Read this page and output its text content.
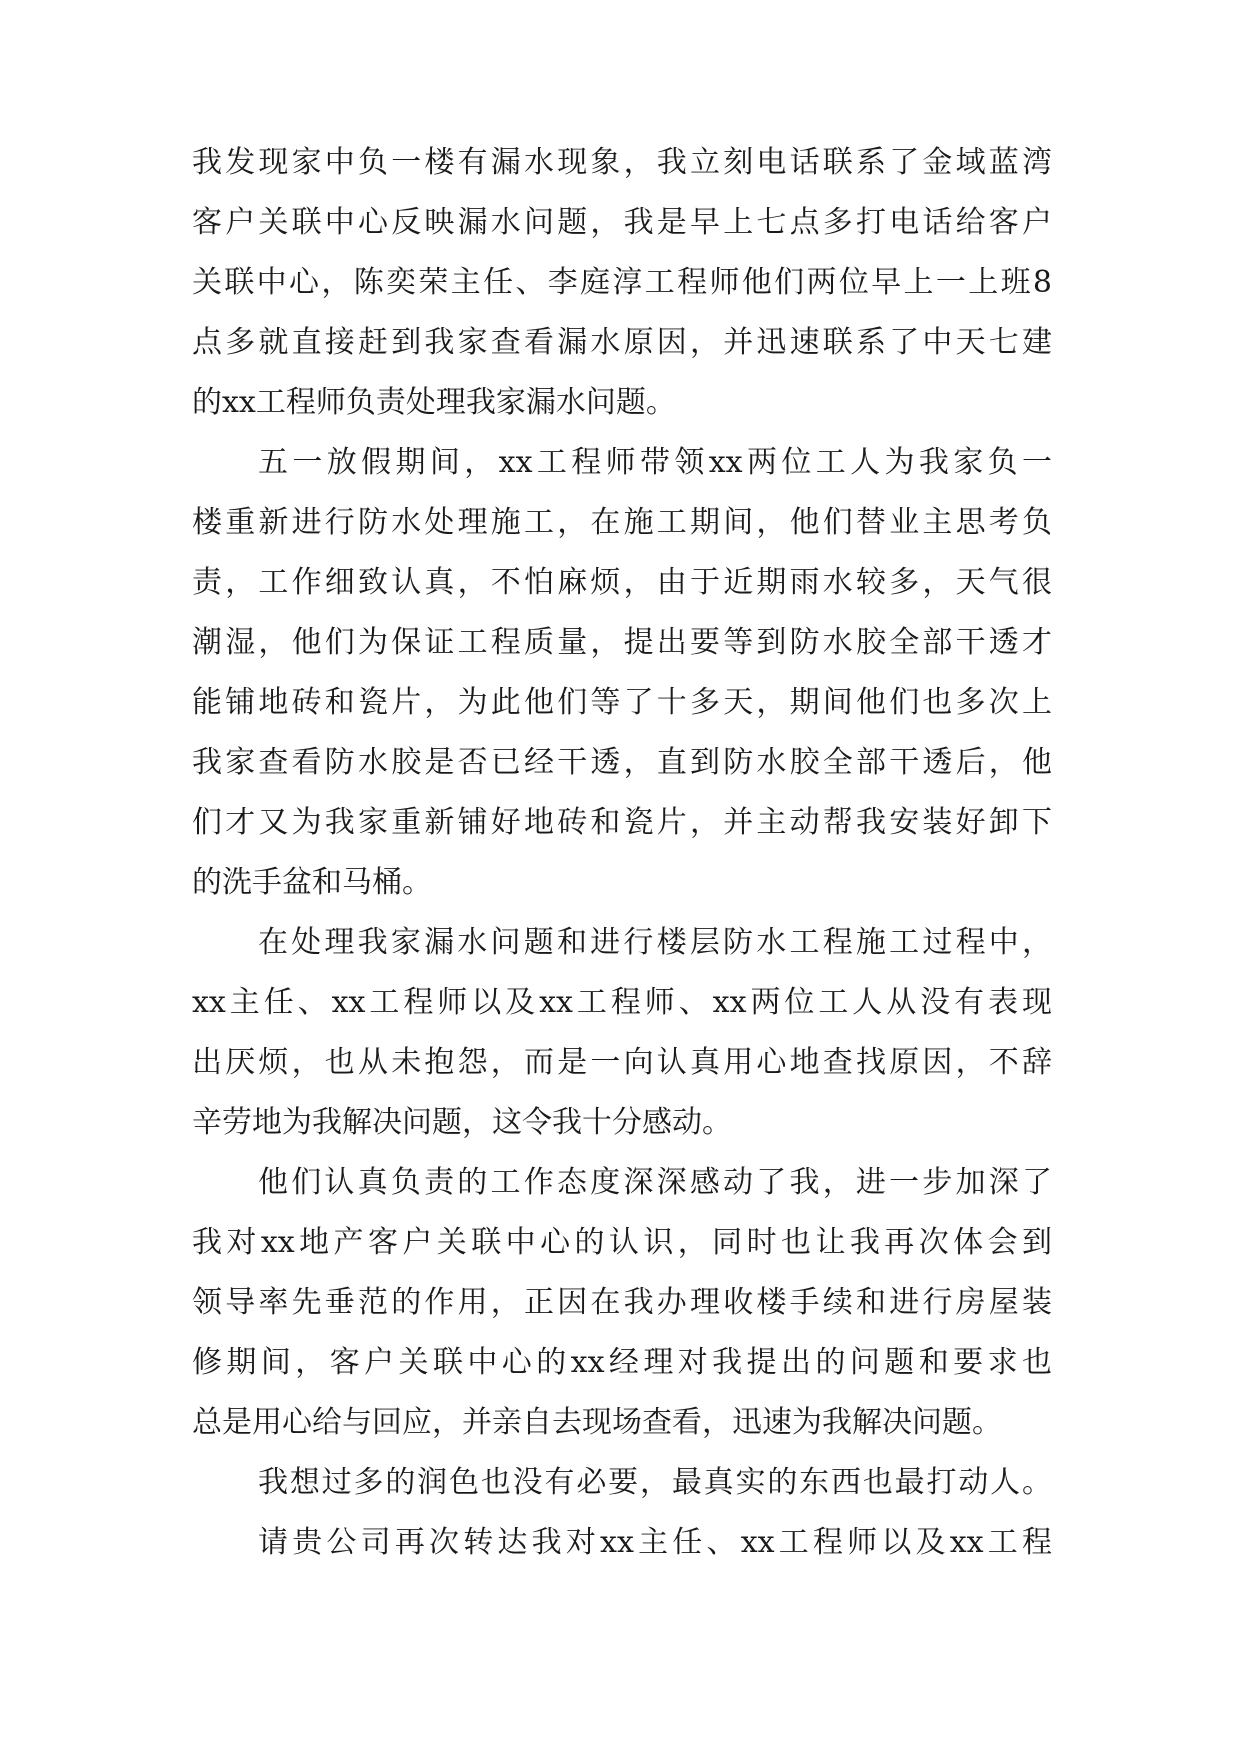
我发现家中负一楼有漏水现象，我立刻电话联系了金域蓝湾
客户关联中心反映漏水问题，我是早上七点多打电话给客户
关联中心，陈奕荣主任、李庭淳工程师他们两位早上一上班8
点多就直接赶到我家查看漏水原因，并迅速联系了中天七建
的xx工程师负责处理我家漏水问题。
五一放假期间，xx工程师带领xx两位工人为我家负一
楼重新进行防水处理施工，在施工期间，他们替业主思考负
责，工作细致认真，不怕麻烦，由于近期雨水较多，天气很
潮湿，他们为保证工程质量，提出要等到防水胶全部干透才
能铺地砖和瓷片，为此他们等了十多天，期间他们也多次上
我家查看防水胶是否已经干透，直到防水胶全部干透后，他
们才又为我家重新铺好地砖和瓷片，并主动帮我安装好卸下
的洗手盆和马桶。
在处理我家漏水问题和进行楼层防水工程施工过程中，
xx主任、xx工程师以及xx工程师、xx两位工人从没有表现
出厌烦，也从未抱怨，而是一向认真用心地查找原因，不辞
辛劳地为我解决问题，这令我十分感动。
他们认真负责的工作态度深深感动了我，进一步加深了
我对xx地产客户关联中心的认识，同时也让我再次体会到
领导率先垂范的作用，正因在我办理收楼手续和进行房屋装
修期间，客户关联中心的xx经理对我提出的问题和要求也
总是用心给与回应，并亲自去现场查看，迅速为我解决问题。
我想过多的润色也没有必要，最真实的东西也最打动人。
请贵公司再次转达我对xx主任、xx工程师以及xx工程
